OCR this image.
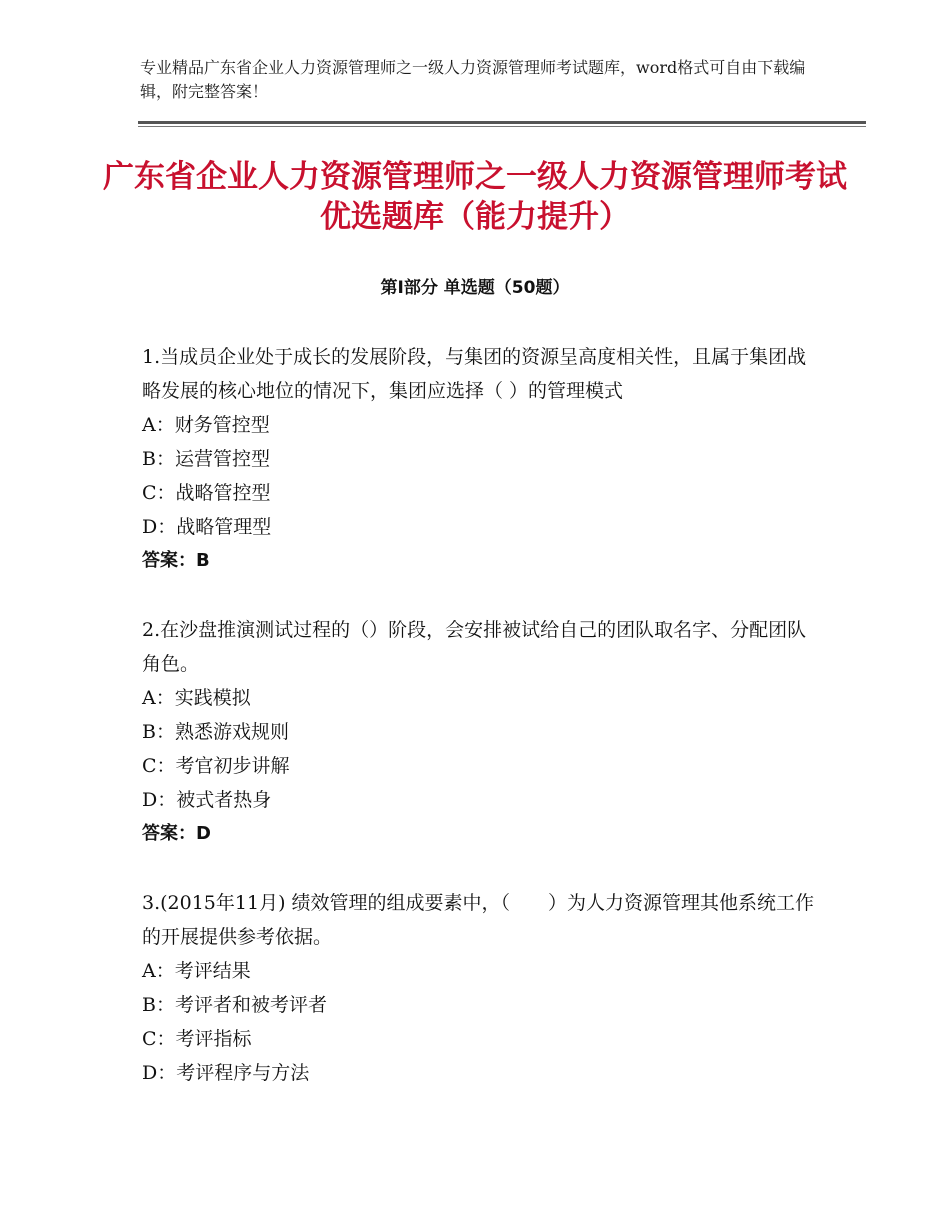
专业精品广东省企业人力资源管理师之一级人力资源管理师考试题库，word格式可自由下载编辑，附完整答案！
广东省企业人力资源管理师之一级人力资源管理师考试优选题库（能力提升）
第Ⅰ部分 单选题（50题）
1.当成员企业处于成长的发展阶段，与集团的资源呈高度相关性，且属于集团战略发展的核心地位的情况下，集团应选择（ ）的管理模式
A：财务管控型
B：运营管控型
C：战略管控型
D：战略管理型
答案：B
2.在沙盘推演测试过程的（）阶段，会安排被试给自己的团队取名字、分配团队角色。
A：实践模拟
B：熟悉游戏规则
C：考官初步讲解
D：被式者热身
答案：D
3.(2015年11月) 绩效管理的组成要素中，（　　）为人力资源管理其他系统工作的开展提供参考依据。
A：考评结果
B：考评者和被考评者
C：考评指标
D：考评程序与方法
